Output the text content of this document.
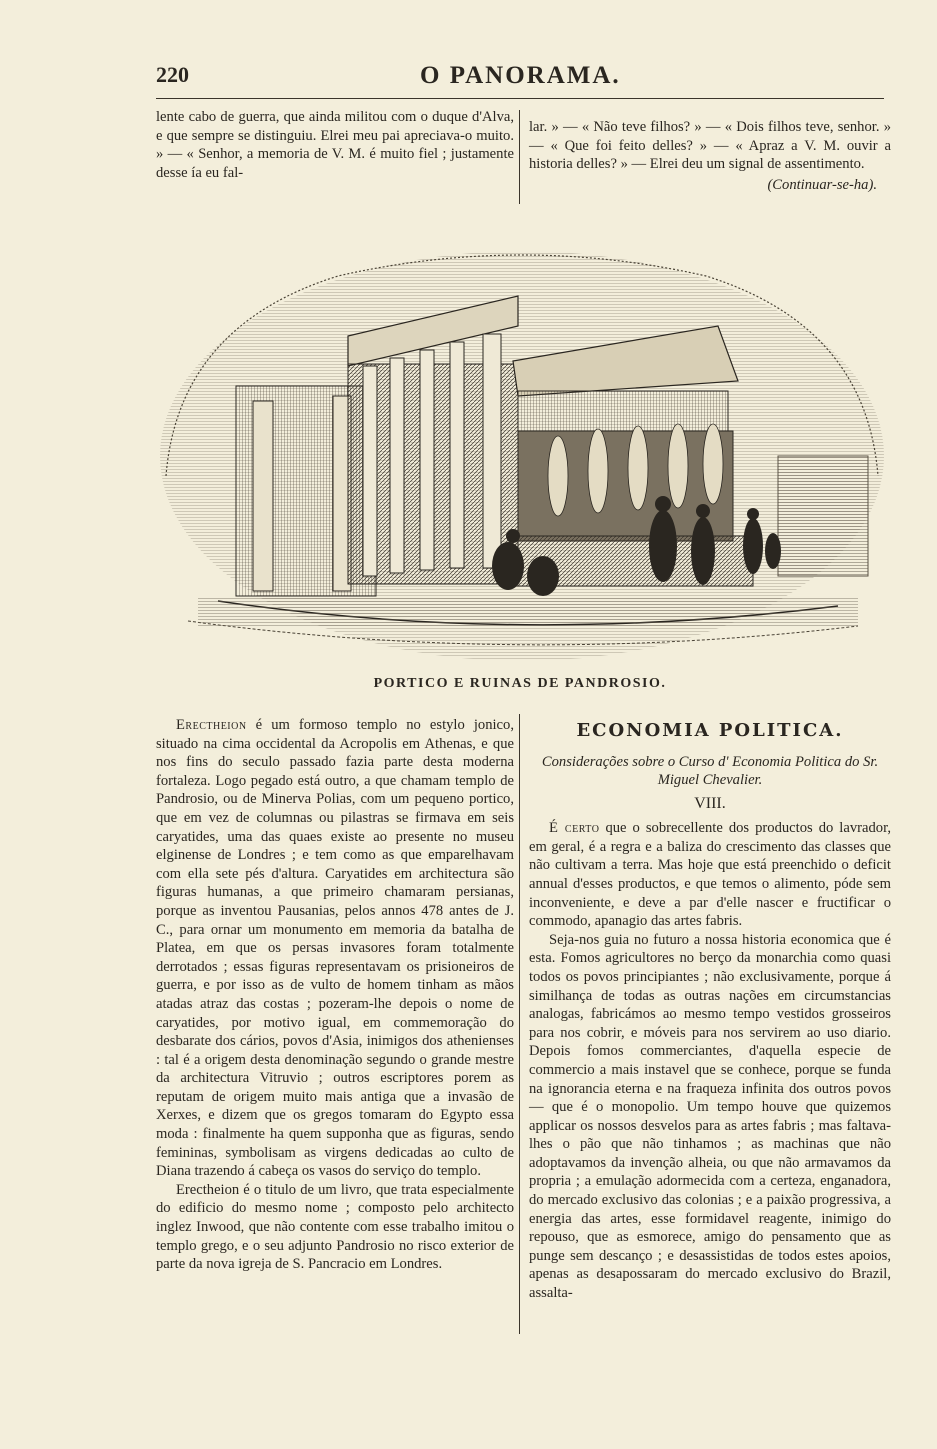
220	O PANORAMA.

lente cabo de guerra, que ainda militou com o duque d'Alva, e que sempre se distinguiu. Elrei meu pai apreciava-o muito. » — « Senhor, a memoria de V. M. é muito fiel ; justamente desse ía eu fal-

lar. » — « Não teve filhos? » — « Dois filhos teve, senhor. » — « Que foi feito delles? » — « Apraz a V. M. ouvir a historia delles? » — Elrei deu um signal de assentimento.

(Continuar-se-ha).
PORTICO E RUINAS DE PANDROSIO.

Erectheion é um formoso templo no estylo jonico, situado na cima occidental da Acropolis em Athenas, e que nos fins do seculo passado fazia parte desta moderna fortaleza. Logo pegado está outro, a que chamam templo de Pandrosio, ou de Minerva Polias, com um pequeno portico, que em vez de columnas ou pilastras se firmava em seis caryatides, uma das quaes existe ao presente no museu elginense de Londres ; e tem como as que emparelhavam com ella sete pés d'altura. Caryatides em architectura são figuras humanas, a que primeiro chamaram persianas, porque as inventou Pausanias, pelos annos 478 antes de J. C., para ornar um monumento em memoria da batalha de Platea, em que os persas invasores foram totalmente derrotados ; essas figuras representavam os prisioneiros de guerra, e por isso as de vulto de homem tinham as mãos atadas atraz das costas ; pozeram-lhe depois o nome de caryatides, por motivo igual, em commemoração do desbarate dos cários, povos d'Asia, inimigos dos athenienses : tal é a origem desta denominação segundo o grande mestre da architectura Vitruvio ; outros escriptores porem as reputam de origem muito mais antiga que a invasão de Xerxes, e dizem que os gregos tomaram do Egypto essa moda : finalmente ha quem supponha que as figuras, sendo femininas, symbolisam as virgens dedicadas ao culto de Diana trazendo á cabeça os vasos do serviço do templo.

Erectheion é o titulo de um livro, que trata especialmente do edificio do mesmo nome ; composto pelo architecto inglez Inwood, que não contente com esse trabalho imitou o templo grego, e o seu adjunto Pandrosio no risco exterior de parte da nova igreja de S. Pancracio em Londres.

ECONOMIA POLITICA.
Considerações sobre o Curso d' Economia Politica do Sr. Miguel Chevalier.
VIII.

É certo que o sobrecellente dos productos do lavrador, em geral, é a regra e a baliza do crescimento das classes que não cultivam a terra. Mas hoje que está preenchido o deficit annual d'esses productos, e que temos o alimento, póde sem inconveniente, e deve a par d'elle nascer e fructificar o commodo, apanagio das artes fabris.

Seja-nos guia no futuro a nossa historia economica que é esta. Fomos agricultores no berço da monarchia como quasi todos os povos principiantes ; não exclusivamente, porque á similhança de todas as outras nações em circumstancias analogas, fabricámos ao mesmo tempo vestidos grosseiros para nos cobrir, e móveis para nos servirem ao uso diario. Depois fomos commerciantes, d'aquella especie de commercio a mais instavel que se conhece, porque se funda na ignorancia eterna e na fraqueza infinita dos outros povos — que é o monopolio. Um tempo houve que quizemos applicar os nossos desvelos para as artes fabris ; mas faltava-lhes o pão que não tinhamos ; as machinas que não adoptavamos da invenção alheia, ou que não armavamos da propria ; a emulação adormecida com a certeza, enganadora, do mercado exclusivo das colonias ; e a paixão progressiva, a energia das artes, esse formidavel reagente, inimigo do repouso, que as esmorece, amigo do pensamento que as punge sem descanço ; e desassistidas de todos estes apoios, apenas as desapossaram do mercado exclusivo do Brazil, assalta-
